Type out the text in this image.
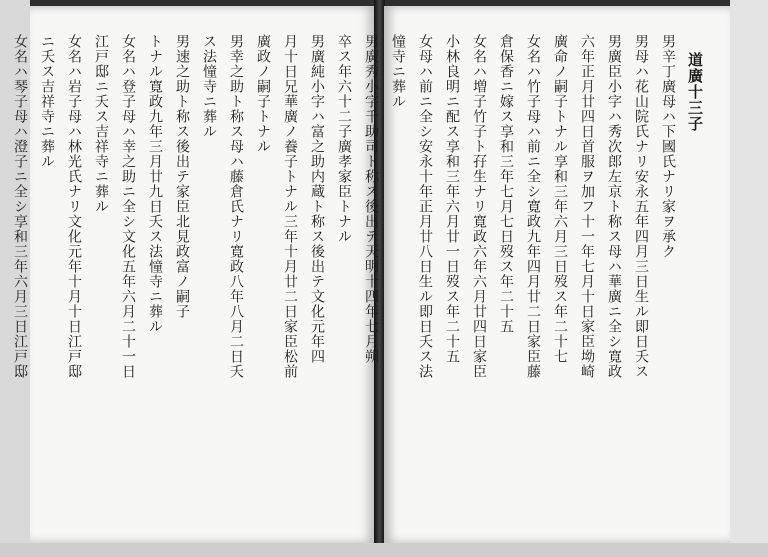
卒ス年六十二子廣孝家臣トナル
男廣純小字ハ富之助内蔵ト称ス後出テ文化元年四
月十日兄華廣ノ養子トナル三年十月廿二日家臣松前
廣政ノ嗣子トナル
男幸之助ト称ス母ハ藤倉氏ナリ寛政八年八月二日夭
ス法憧寺ニ葬ル
男速之助ト称ス後出テ家臣北見政富ノ嗣子
トナル寛政九年三月廿九日夭ス法憧寺ニ葬ル
女名ハ登子母ハ幸之助ニ全シ文化五年六月二十一日
江戸邸ニ夭ス吉祥寺ニ葬ル
女名ハ岩子母ハ林光氏ナリ文化元年十月十日江戸邸
ニ夭ス吉祥寺ニ葬ル
女名ハ琴子母ハ澄子ニ全シ享和三年六月三日江戸邸	道廣十三子
男辛丁廣母ハ下國氏ナリ家ヲ承ク
男母ハ花山院氏ナリ安永五年四月三日生ル即日夭ス
男廣臣小字ハ秀次郎左京ト称ス母ハ華廣ニ全シ寛政
六年正月廿四日首服ヲ加フ十一年七月十日家臣坳崎
廣命ノ嗣子トナル享和三年六月三日歿ス年二十七
女名ハ竹子母ハ前ニ全シ寛政九年四月廿二日家臣藤
倉保香ニ嫁ス享和三年七月七日歿ス年二十五
女名ハ増子竹子ト孖生ナリ寛政六年六月廿四日家臣
小林良明ニ配ス享和三年六月廿一日歿ス年二十五
女母ハ前ニ全シ安永十年正月廿八日生ル即日夭ス法
憧寺ニ葬ル
男廣秀小字千助司ト称ス後出テ天明十四年七月朔
